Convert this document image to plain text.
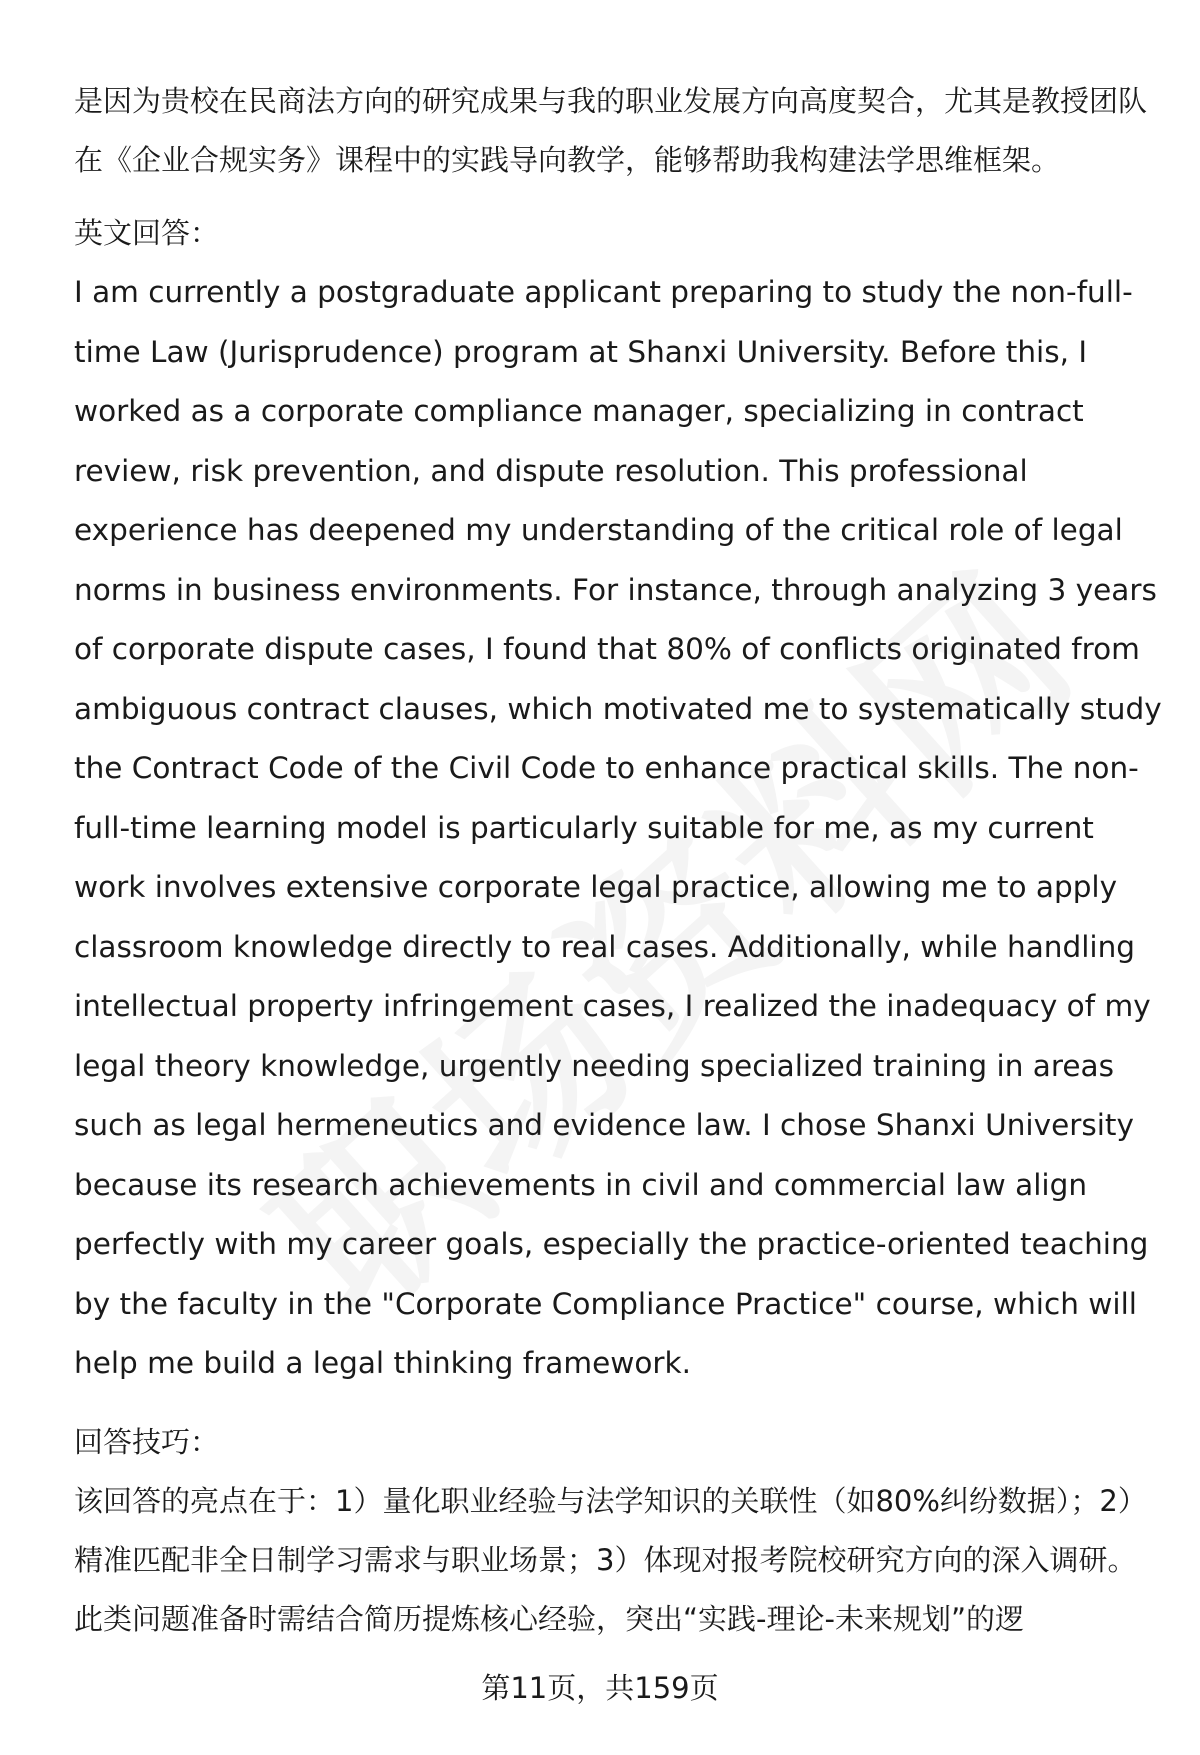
是因为贵校在民商法方向的研究成果与我的职业发展方向高度契合，尤其是教授团队在《企业合规实务》课程中的实践导向教学，能够帮助我构建法学思维框架。

英文回答：

I am currently a postgraduate applicant preparing to study the non-full-time Law (Jurisprudence) program at Shanxi University. Before this, I worked as a corporate compliance manager, specializing in contract review, risk prevention, and dispute resolution. This professional experience has deepened my understanding of the critical role of legal norms in business environments. For instance, through analyzing 3 years of corporate dispute cases, I found that 80% of conflicts originated from ambiguous contract clauses, which motivated me to systematically study the Contract Code of the Civil Code to enhance practical skills. The non-full-time learning model is particularly suitable for me, as my current work involves extensive corporate legal practice, allowing me to apply classroom knowledge directly to real cases. Additionally, while handling intellectual property infringement cases, I realized the inadequacy of my legal theory knowledge, urgently needing specialized training in areas such as legal hermeneutics and evidence law. I chose Shanxi University because its research achievements in civil and commercial law align perfectly with my career goals, especially the practice-oriented teaching by the faculty in the "Corporate Compliance Practice" course, which will help me build a legal thinking framework.

回答技巧：

该回答的亮点在于：1）量化职业经验与法学知识的关联性（如80%纠纷数据）；2）精准匹配非全日制学习需求与职业场景；3）体现对报考院校研究方向的深入调研。此类问题准备时需结合简历提炼核心经验，突出“实践-理论-未来规划”的逻

第11页，共159页
